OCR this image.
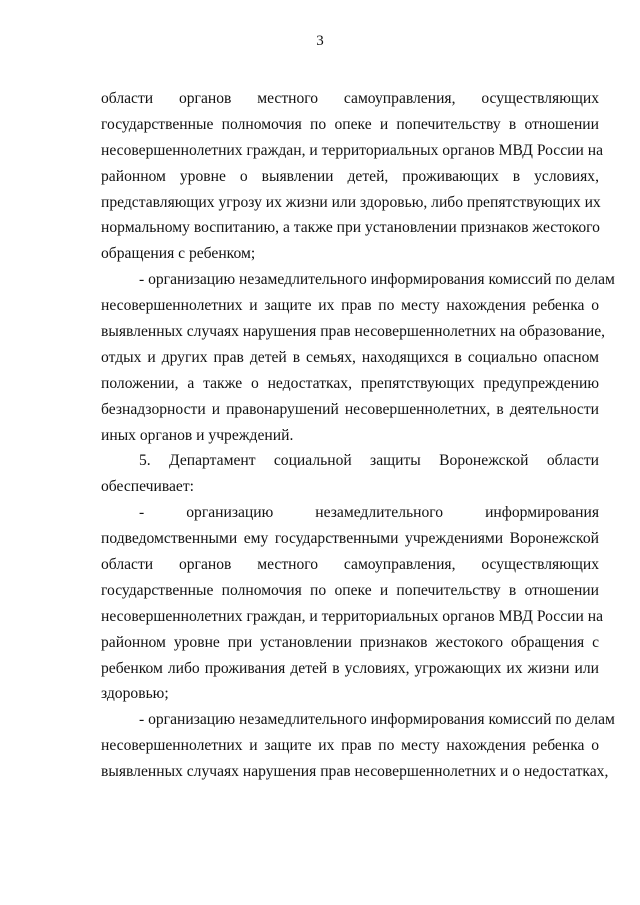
3
области органов местного самоуправления, осуществляющих
государственные полномочия по опеке и попечительству в отношении
несовершеннолетних граждан, и территориальных органов МВД России на
районном уровне о выявлении детей, проживающих в условиях,
представляющих угрозу их жизни или здоровью, либо препятствующих их
нормальному воспитанию, а также при установлении признаков жестокого
обращения с ребенком;
- организацию незамедлительного информирования комиссий по делам
несовершеннолетних и защите их прав по месту нахождения ребенка о
выявленных случаях нарушения прав несовершеннолетних на образование,
отдых и других прав детей в семьях, находящихся в социально опасном
положении, а также о недостатках, препятствующих предупреждению
безнадзорности и правонарушений несовершеннолетних, в деятельности
иных органов и учреждений.
5. Департамент социальной защиты Воронежской области
обеспечивает:
- организацию незамедлительного информирования
подведомственными ему государственными учреждениями Воронежской
области органов местного самоуправления, осуществляющих
государственные полномочия по опеке и попечительству в отношении
несовершеннолетних граждан, и территориальных органов МВД России на
районном уровне при установлении признаков жестокого обращения с
ребенком либо проживания детей в условиях, угрожающих их жизни или
здоровью;
- организацию незамедлительного информирования комиссий по делам
несовершеннолетних и защите их прав по месту нахождения ребенка о
выявленных случаях нарушения прав несовершеннолетних и о недостатках,
